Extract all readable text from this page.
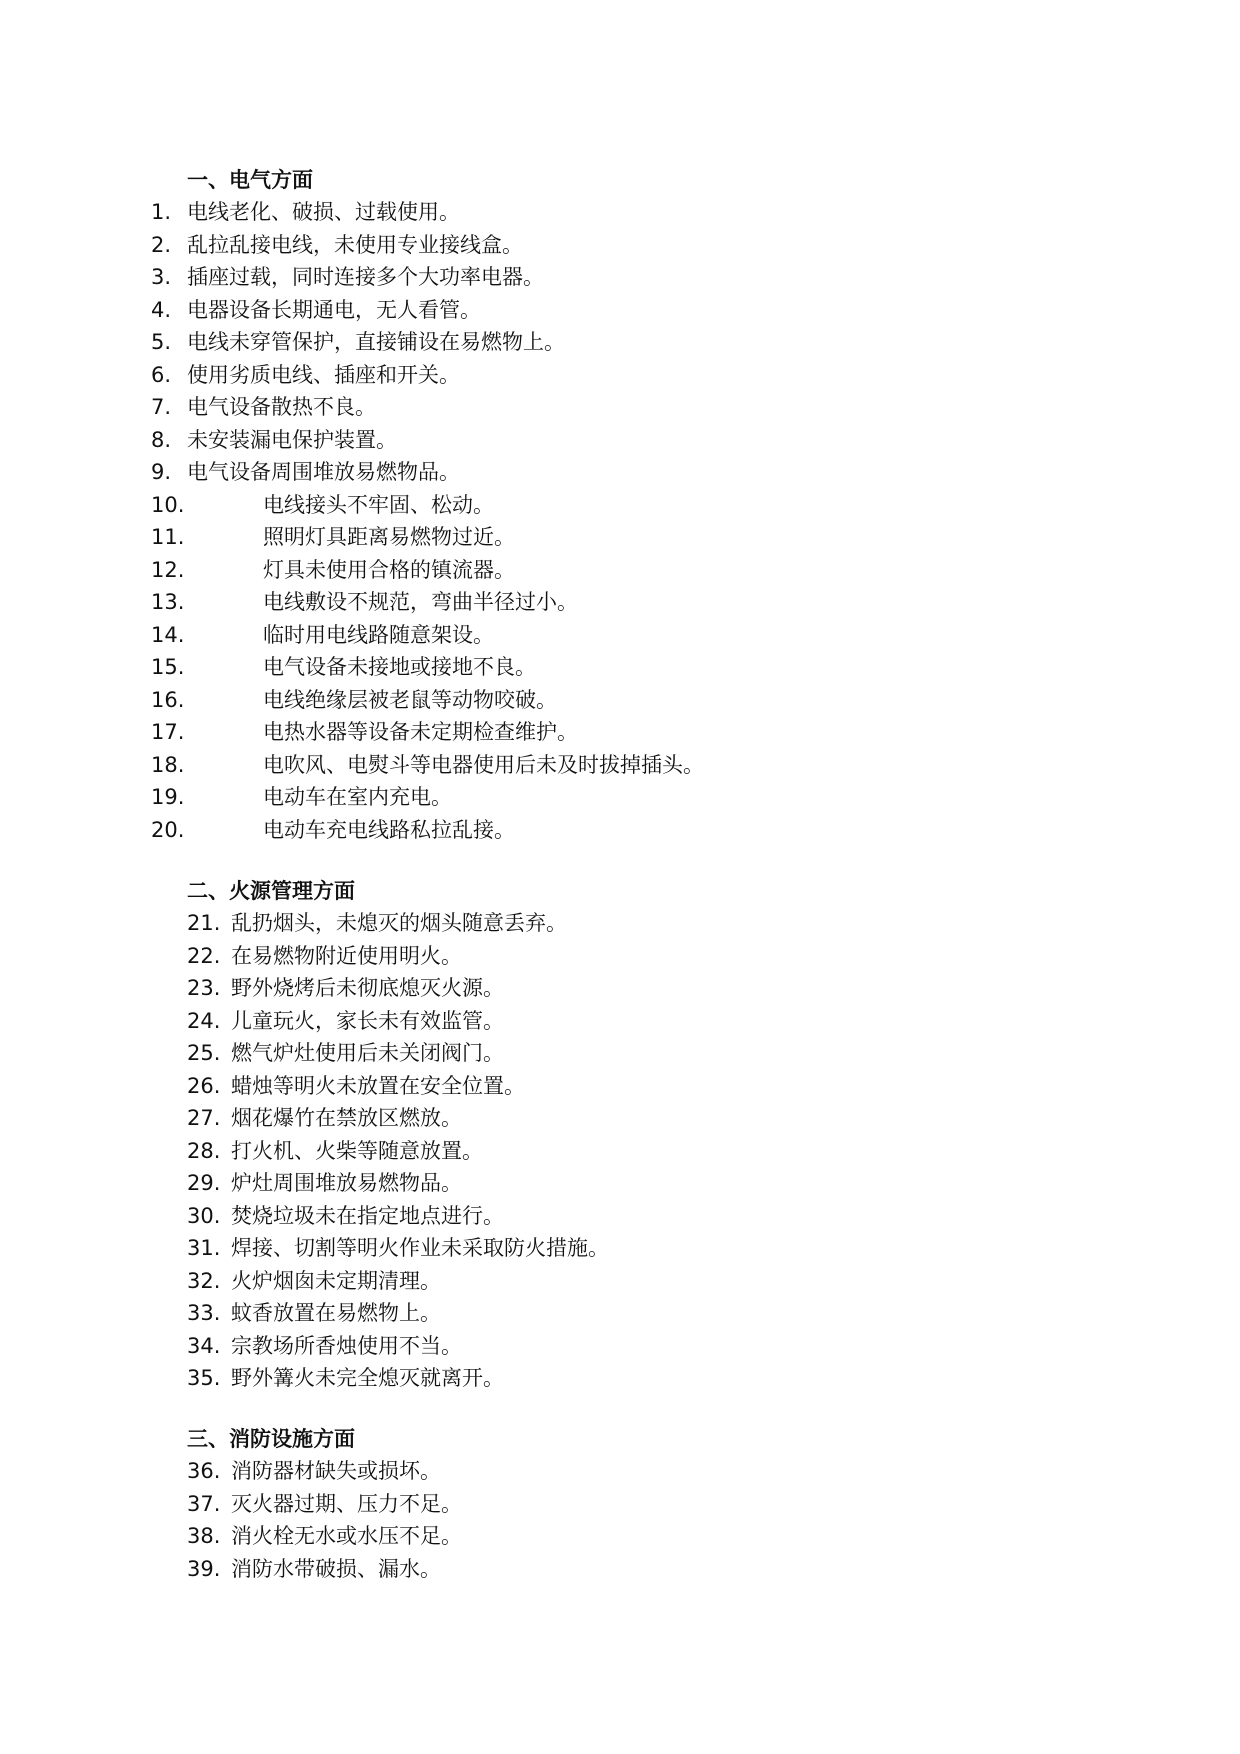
一、电气方面
1. 电线老化、破损、过载使用。
2. 乱拉乱接电线，未使用专业接线盒。
3. 插座过载，同时连接多个大功率电器。
4. 电器设备长期通电，无人看管。
5. 电线未穿管保护，直接铺设在易燃物上。
6. 使用劣质电线、插座和开关。
7. 电气设备散热不良。
8. 未安装漏电保护装置。
9. 电气设备周围堆放易燃物品。
10.	电线接头不牢固、松动。
11.	照明灯具距离易燃物过近。
12.	灯具未使用合格的镇流器。
13.	电线敷设不规范，弯曲半径过小。
14.	临时用电线路随意架设。
15.	电气设备未接地或接地不良。
16.	电线绝缘层被老鼠等动物咬破。
17.	电热水器等设备未定期检查维护。
18.	电吹风、电熨斗等电器使用后未及时拔掉插头。
19.	电动车在室内充电。
20.	电动车充电线路私拉乱接。
二、火源管理方面
21. 乱扔烟头，未熄灭的烟头随意丢弃。
22. 在易燃物附近使用明火。
23. 野外烧烤后未彻底熄灭火源。
24. 儿童玩火，家长未有效监管。
25. 燃气炉灶使用后未关闭阀门。
26. 蜡烛等明火未放置在安全位置。
27. 烟花爆竹在禁放区燃放。
28. 打火机、火柴等随意放置。
29. 炉灶周围堆放易燃物品。
30. 焚烧垃圾未在指定地点进行。
31. 焊接、切割等明火作业未采取防火措施。
32. 火炉烟囱未定期清理。
33. 蚊香放置在易燃物上。
34. 宗教场所香烛使用不当。
35. 野外篝火未完全熄灭就离开。
三、消防设施方面
36. 消防器材缺失或损坏。
37. 灭火器过期、压力不足。
38. 消火栓无水或水压不足。
39. 消防水带破损、漏水。
